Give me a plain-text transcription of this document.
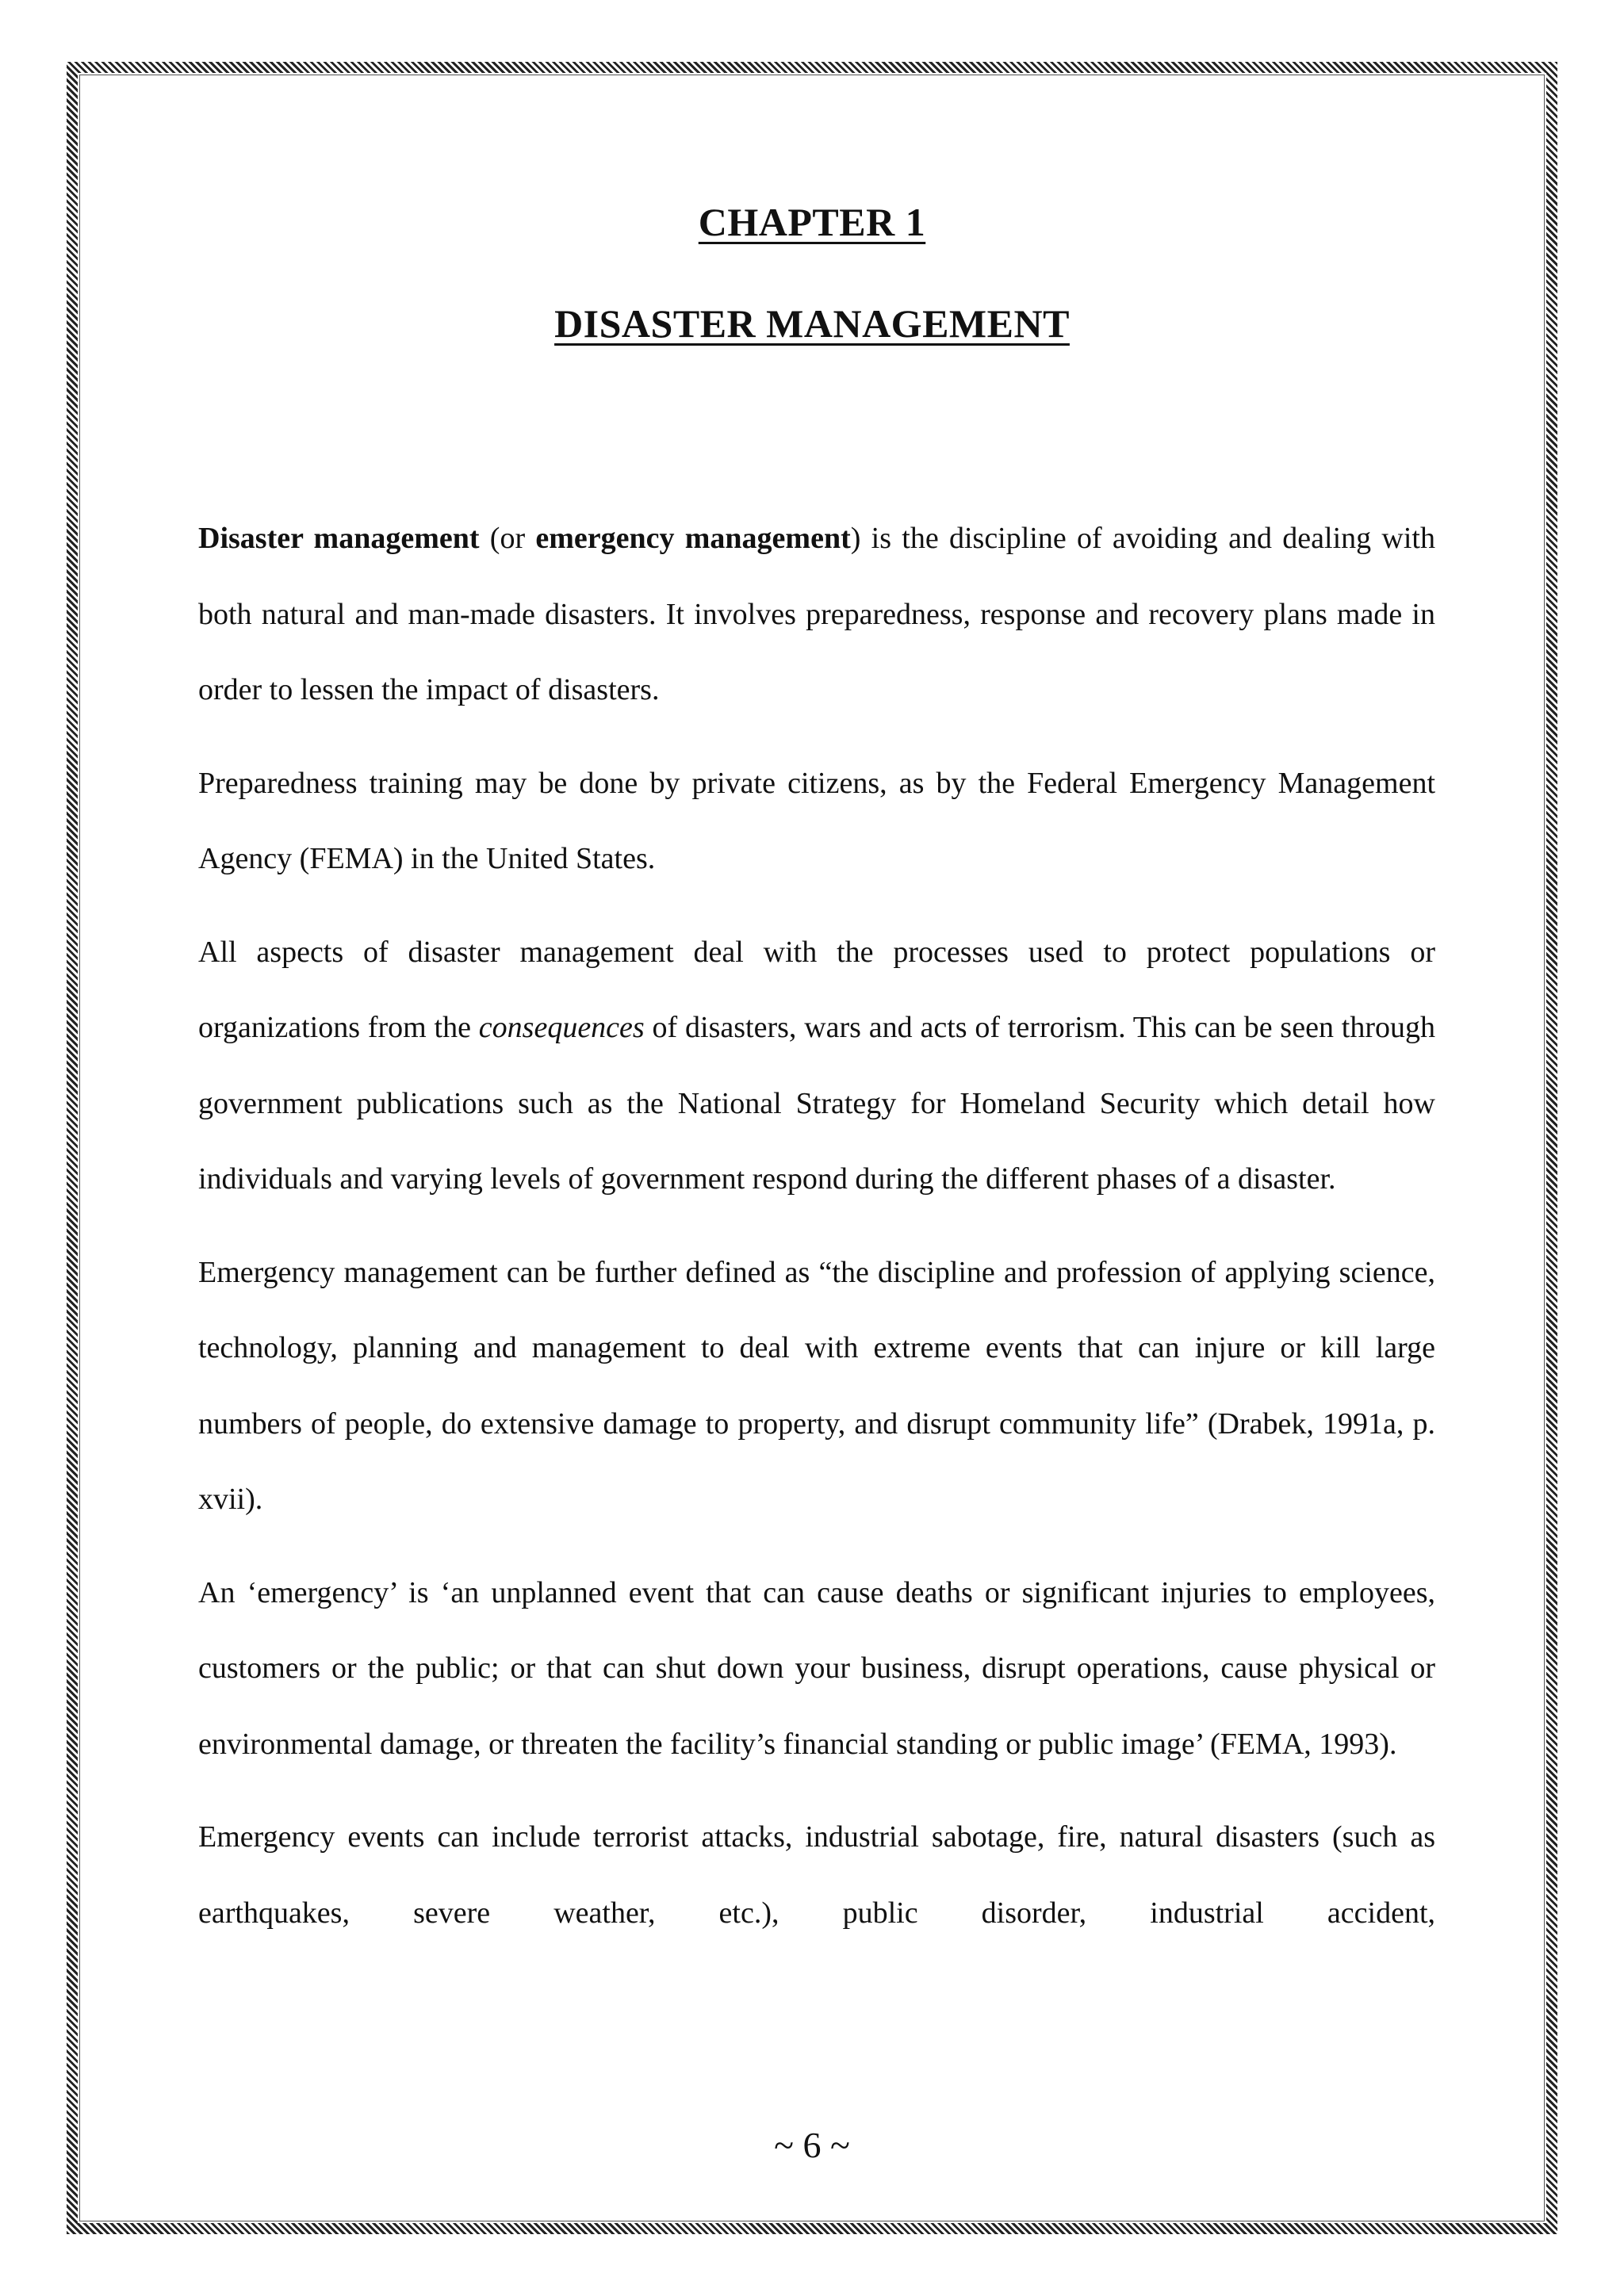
CHAPTER 1
DISASTER MANAGEMENT

Disaster management (or emergency management) is the discipline of avoiding and dealing with both natural and man-made disasters. It involves preparedness, response and recovery plans made in order to lessen the impact of disasters.

Preparedness training may be done by private citizens, as by the Federal Emergency Management Agency (FEMA) in the United States.

All aspects of disaster management deal with the processes used to protect populations or organizations from the consequences of disasters, wars and acts of terrorism. This can be seen through government publications such as the National Strategy for Homeland Security which detail how individuals and varying levels of government respond during the different phases of a disaster.

Emergency management can be further defined as “the discipline and profession of applying science, technology, planning and management to deal with extreme events that can injure or kill large numbers of people, do extensive damage to property, and disrupt community life” (Drabek, 1991a, p. xvii).

An ‘emergency’ is ‘an unplanned event that can cause deaths or significant injuries to employees, customers or the public; or that can shut down your business, disrupt operations, cause physical or environmental damage, or threaten the facility’s financial standing or public image’ (FEMA, 1993).

Emergency events can include terrorist attacks, industrial sabotage, fire, natural disasters (such as earthquakes, severe weather, etc.), public disorder, industrial accident,

~ 6 ~
